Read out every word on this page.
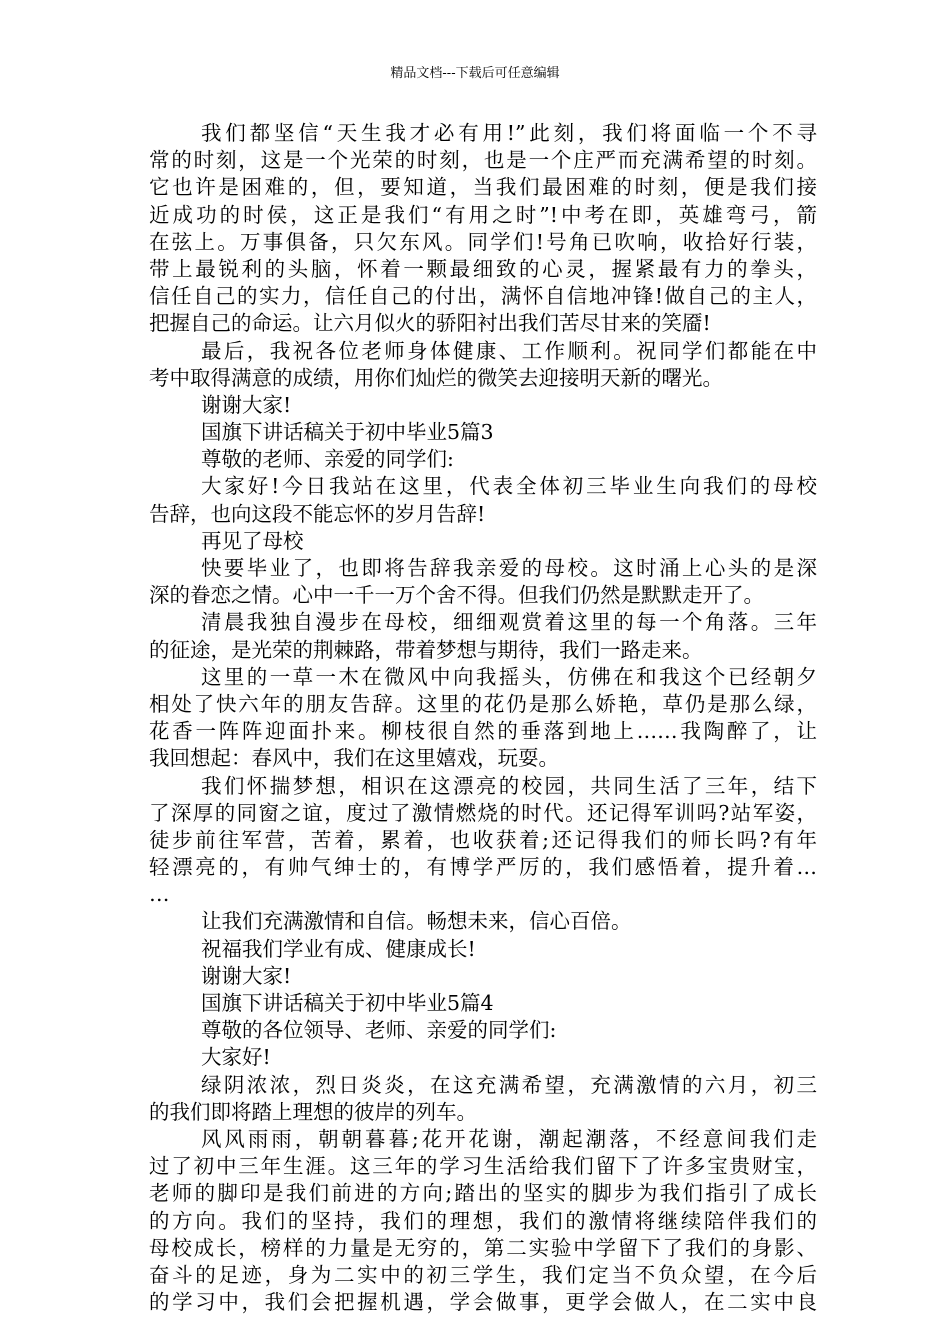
精品文档---下载后可任意编辑
我们都坚信“天生我才必有用!”此刻，我们将面临一个不寻
常的时刻，这是一个光荣的时刻，也是一个庄严而充满希望的时刻。
它也许是困难的，但，要知道，当我们最困难的时刻，便是我们接
近成功的时侯，这正是我们“有用之时”!中考在即，英雄弯弓，箭
在弦上。万事俱备，只欠东风。同学们!号角已吹响，收拾好行装，
带上最锐利的头脑，怀着一颗最细致的心灵，握紧最有力的拳头，
信任自己的实力，信任自己的付出，满怀自信地冲锋!做自己的主人，
把握自己的命运。让六月似火的骄阳衬出我们苦尽甘来的笑靥!
最后，我祝各位老师身体健康、工作顺利。祝同学们都能在中
考中取得满意的成绩，用你们灿烂的微笑去迎接明天新的曙光。
谢谢大家!
国旗下讲话稿关于初中毕业5篇3
尊敬的老师、亲爱的同学们:
大家好!今日我站在这里，代表全体初三毕业生向我们的母校
告辞，也向这段不能忘怀的岁月告辞!
再见了母校
快要毕业了，也即将告辞我亲爱的母校。这时涌上心头的是深
深的眷恋之情。心中一千一万个舍不得。但我们仍然是默默走开了。
清晨我独自漫步在母校，细细观赏着这里的每一个角落。三年
的征途，是光荣的荆棘路，带着梦想与期待，我们一路走来。
这里的一草一木在微风中向我摇头，仿佛在和我这个已经朝夕
相处了快六年的朋友告辞。这里的花仍是那么娇艳，草仍是那么绿，
花香一阵阵迎面扑来。柳枝很自然的垂落到地上……我陶醉了，让
我回想起：春风中，我们在这里嬉戏，玩耍。
我们怀揣梦想，相识在这漂亮的校园，共同生活了三年，结下
了深厚的同窗之谊，度过了激情燃烧的时代。还记得军训吗?站军姿，
徒步前往军营，苦着，累着，也收获着;还记得我们的师长吗?有年
轻漂亮的，有帅气绅士的，有博学严厉的，我们感悟着，提升着…
…
让我们充满激情和自信。畅想未来，信心百倍。
祝福我们学业有成、健康成长!
谢谢大家!
国旗下讲话稿关于初中毕业5篇4
尊敬的各位领导、老师、亲爱的同学们:
大家好!
绿阴浓浓，烈日炎炎，在这充满希望，充满激情的六月，初三
的我们即将踏上理想的彼岸的列车。
风风雨雨，朝朝暮暮;花开花谢，潮起潮落，不经意间我们走
过了初中三年生涯。这三年的学习生活给我们留下了许多宝贵财宝，
老师的脚印是我们前进的方向;踏出的坚实的脚步为我们指引了成长
的方向。我们的坚持，我们的理想，我们的激情将继续陪伴我们的
母校成长，榜样的力量是无穷的，第二实验中学留下了我们的身影、
奋斗的足迹，身为二实中的初三学生，我们定当不负众望，在今后
的学习中，我们会把握机遇，学会做事，更学会做人，在二实中良
